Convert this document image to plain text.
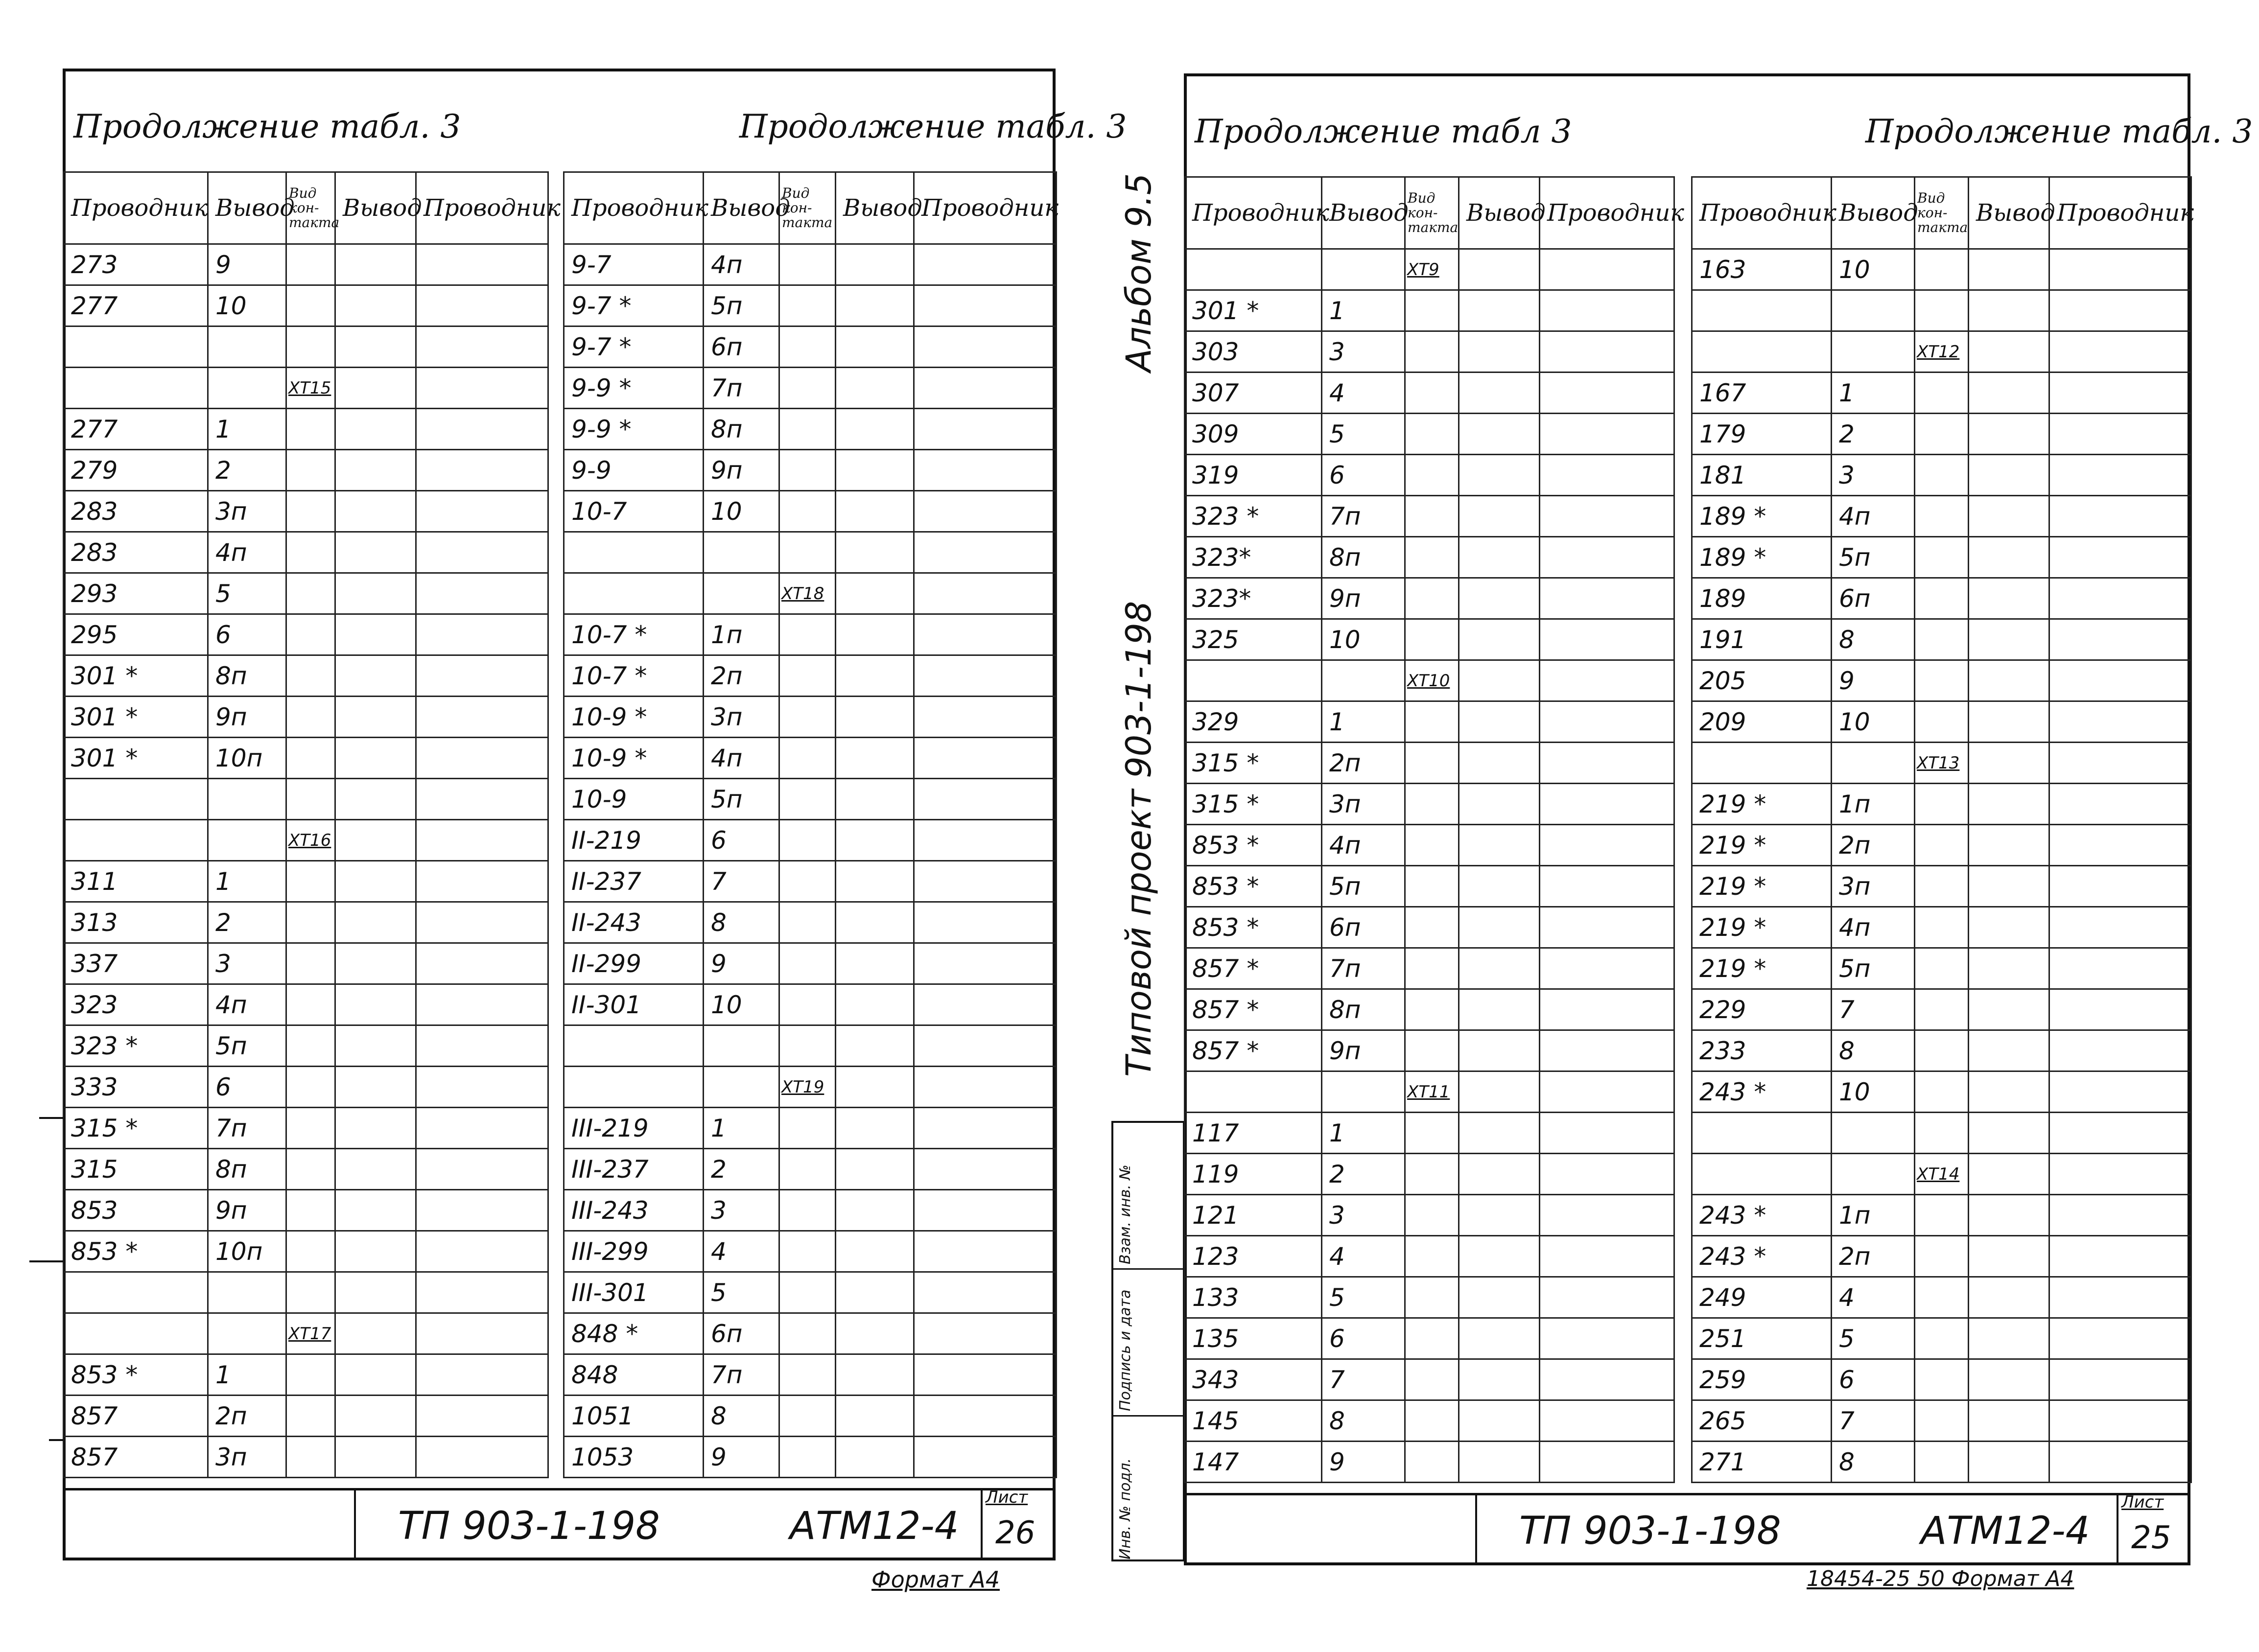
Продолжение табл. 3	Продолжение табл. 3
Проводник	Вывод	Вид кон-такта	Вывод	Проводник
273	9			
277	10			

		XT15		
277	1			
279	2			
283	3п			
283	4п			
293	5			
295	6			
301 *	8п			
301 *	9п			
301 *	10п			

		XT16		
311	1			
313	2			
337	3			
323	4п			
323 *	5п			
333	6			
315 *	7п			
315	8п			
853	9п			
853 *	10п			

		XT17		
853 *	1			
857	2п			
857	3п			
Проводник	Вывод	Вид кон-такта	Вывод	Проводник
9-7	4п			
9-7 *	5п			
9-7 *	6п			
9-9 *	7п			
9-9 *	8п			
9-9	9п			
10-7	10			

		XT18		
10-7 *	1п			
10-7 *	2п			
10-9 *	3п			
10-9 *	4п			
10-9	5п			
II-219	6			
II-237	7			
II-243	8			
II-299	9			
II-301	10			

		XT19		
III-219	1			
III-237	2			
III-243	3			
III-299	4			
III-301	5			
848 *	6п			
848	7п			
1051	8			
1053	9			
Лист
26
ТП 903-1-198	АТМ12-4
Формат А4
Альбом 9.5
Типовой проект 903-1-198
Взам. инв. №
Подпись и дата
Инв. № подл.
Продолжение табл 3	Продолжение табл. 3
Проводник	Вывод	Вид кон-такта	Вывод	Проводник
		XT9		
301 *	1			
303	3			
307	4			
309	5			
319	6			
323 *	7п			
323*	8п			
323*	9п			
325	10			
		XT10		
329	1			
315 *	2п			
315 *	3п			
853 *	4п			
853 *	5п			
853 *	6п			
857 *	7п			
857 *	8п			
857 *	9п			
		XT11		
117	1			
119	2			
121	3			
123	4			
133	5			
135	6			
343	7			
145	8			
147	9			
Проводник	Вывод	Вид кон-такта	Вывод	Проводник
163	10			

		XT12		
167	1			
179	2			
181	3			
189 *	4п			
189 *	5п			
189	6п			
191	8			
205	9			
209	10			
		XT13		
219 *	1п			
219 *	2п			
219 *	3п			
219 *	4п			
219 *	5п			
229	7			
233	8			
243 *	10			

		XT14		
243 *	1п			
243 *	2п			
249	4			
251	5			
259	6			
265	7			
271	8			
Лист
25
ТП 903-1-198	АТМ12-4
18454-25 50 Формат А4
